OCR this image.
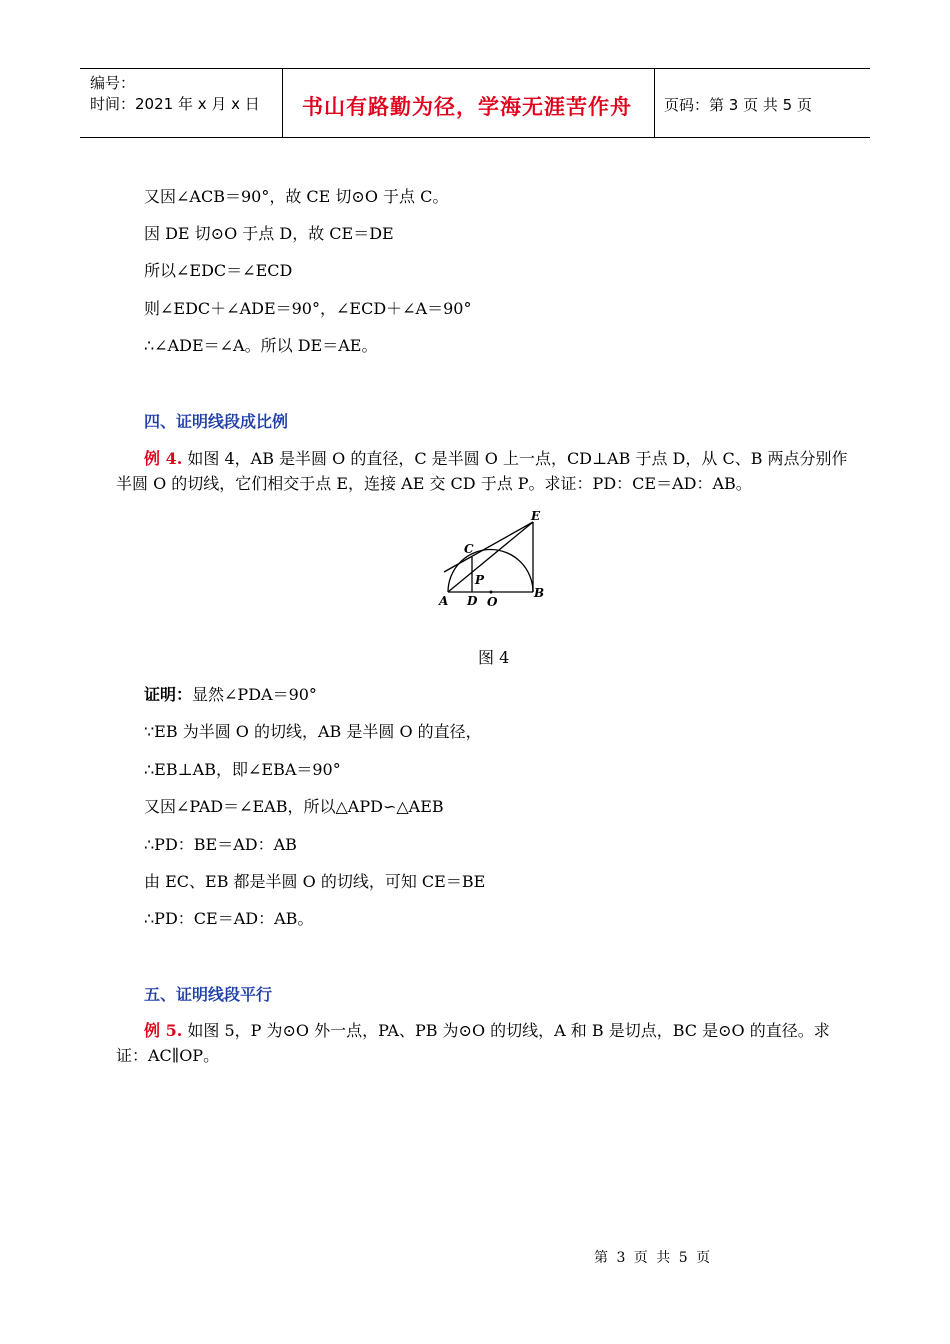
编号：
时间：2021 年 x 月 x 日 书山有路勤为径，学海无涯苦作舟 页码：第 3 页 共 5 页
又因∠ACB＝90°，故 CE 切⊙O 于点 C。
因 DE 切⊙O 于点 D，故 CE＝DE
所以∠EDC＝∠ECD
则∠EDC＋∠ADE＝90°，∠ECD＋∠A＝90°
∴∠ADE＝∠A。所以 DE＝AE。
四、证明线段成比例
例 4. 如图 4，AB 是半圆 O 的直径，C 是半圆 O 上一点，CD⊥AB 于点 D，从 C、B 两点分别作
半圆 O 的切线，它们相交于点 E，连接 AE 交 CD 于点 P。求证：PD：CE＝AD：AB。
E
C
P
A D O
B
图 4
证明：显然∠PDA＝90°
∵EB 为半圆 O 的切线，AB 是半圆 O 的直径，
∴EB⊥AB，即∠EBA＝90°
又因∠PAD＝∠EAB，所以△APD∽△AEB
∴PD：BE＝AD：AB
由 EC、EB 都是半圆 O 的切线，可知 CE＝BE
∴PD：CE＝AD：AB。
五、证明线段平行
例 5. 如图 5，P 为⊙O 外一点，PA、PB 为⊙O 的切线，A 和 B 是切点，BC 是⊙O 的直径。求
证：AC∥OP。
第 3 页 共 5 页
